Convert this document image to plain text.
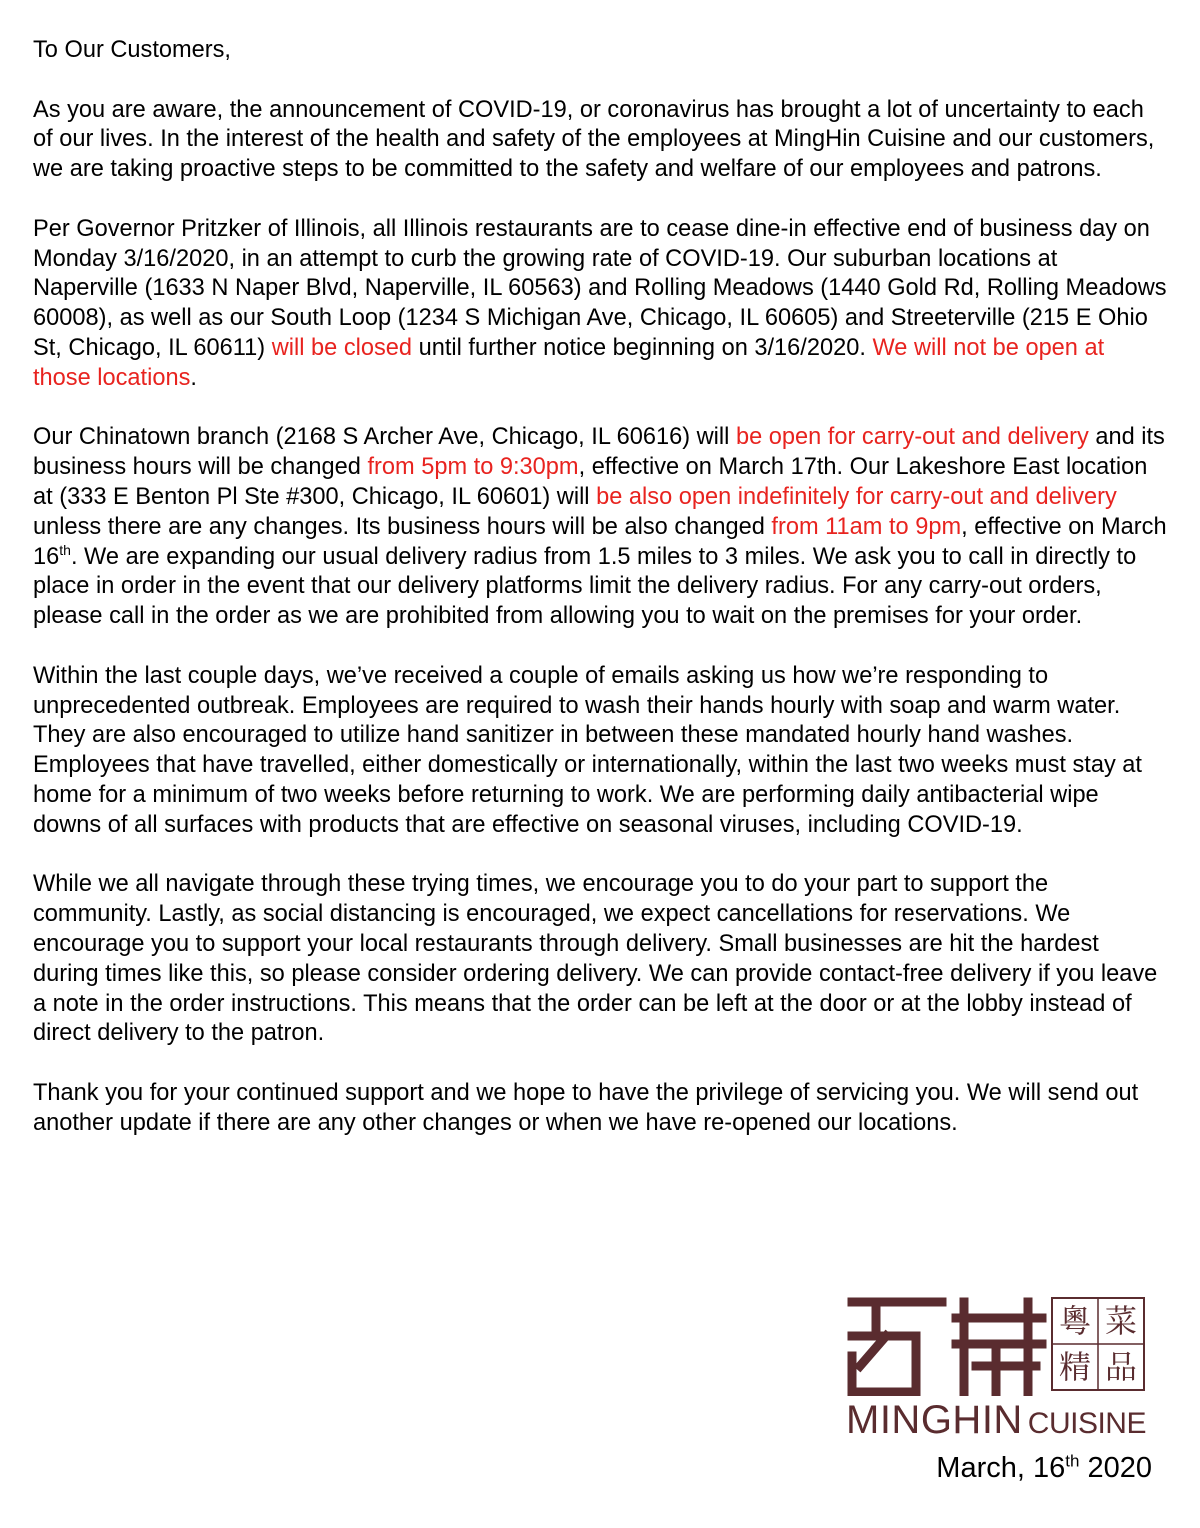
To Our Customers,

As you are aware, the announcement of COVID-19, or coronavirus has brought a lot of uncertainty to each of our lives. In the interest of the health and safety of the employees at MingHin Cuisine and our customers, we are taking proactive steps to be committed to the safety and welfare of our employees and patrons.

Per Governor Pritzker of Illinois, all Illinois restaurants are to cease dine-in effective end of business day on Monday 3/16/2020, in an attempt to curb the growing rate of COVID-19. Our suburban locations at Naperville (1633 N Naper Blvd, Naperville, IL 60563) and Rolling Meadows (1440 Gold Rd, Rolling Meadows 60008), as well as our South Loop (1234 S Michigan Ave, Chicago, IL 60605) and Streeterville (215 E Ohio St, Chicago, IL 60611) will be closed until further notice beginning on 3/16/2020. We will not be open at those locations.

Our Chinatown branch (2168 S Archer Ave, Chicago, IL 60616) will be open for carry-out and delivery and its business hours will be changed from 5pm to 9:30pm, effective on March 17th. Our Lakeshore East location at (333 E Benton Pl Ste #300, Chicago, IL 60601) will be also open indefinitely for carry-out and delivery unless there are any changes. Its business hours will be also changed from 11am to 9pm, effective on March 16th. We are expanding our usual delivery radius from 1.5 miles to 3 miles. We ask you to call in directly to place in order in the event that our delivery platforms limit the delivery radius. For any carry-out orders, please call in the order as we are prohibited from allowing you to wait on the premises for your order.

Within the last couple days, we’ve received a couple of emails asking us how we’re responding to unprecedented outbreak. Employees are required to wash their hands hourly with soap and warm water. They are also encouraged to utilize hand sanitizer in between these mandated hourly hand washes. Employees that have travelled, either domestically or internationally, within the last two weeks must stay at home for a minimum of two weeks before returning to work. We are performing daily antibacterial wipe downs of all surfaces with products that are effective on seasonal viruses, including COVID-19.

While we all navigate through these trying times, we encourage you to do your part to support the community. Lastly, as social distancing is encouraged, we expect cancellations for reservations. We encourage you to support your local restaurants through delivery. Small businesses are hit the hardest during times like this, so please consider ordering delivery. We can provide contact-free delivery if you leave a note in the order instructions. This means that the order can be left at the door or at the lobby instead of direct delivery to the patron.

Thank you for your continued support and we hope to have the privilege of servicing you. We will send out another update if there are any other changes or when we have re-opened our locations.

粵 菜
精 品
MINGHIN CUISINE
March, 16th 2020
